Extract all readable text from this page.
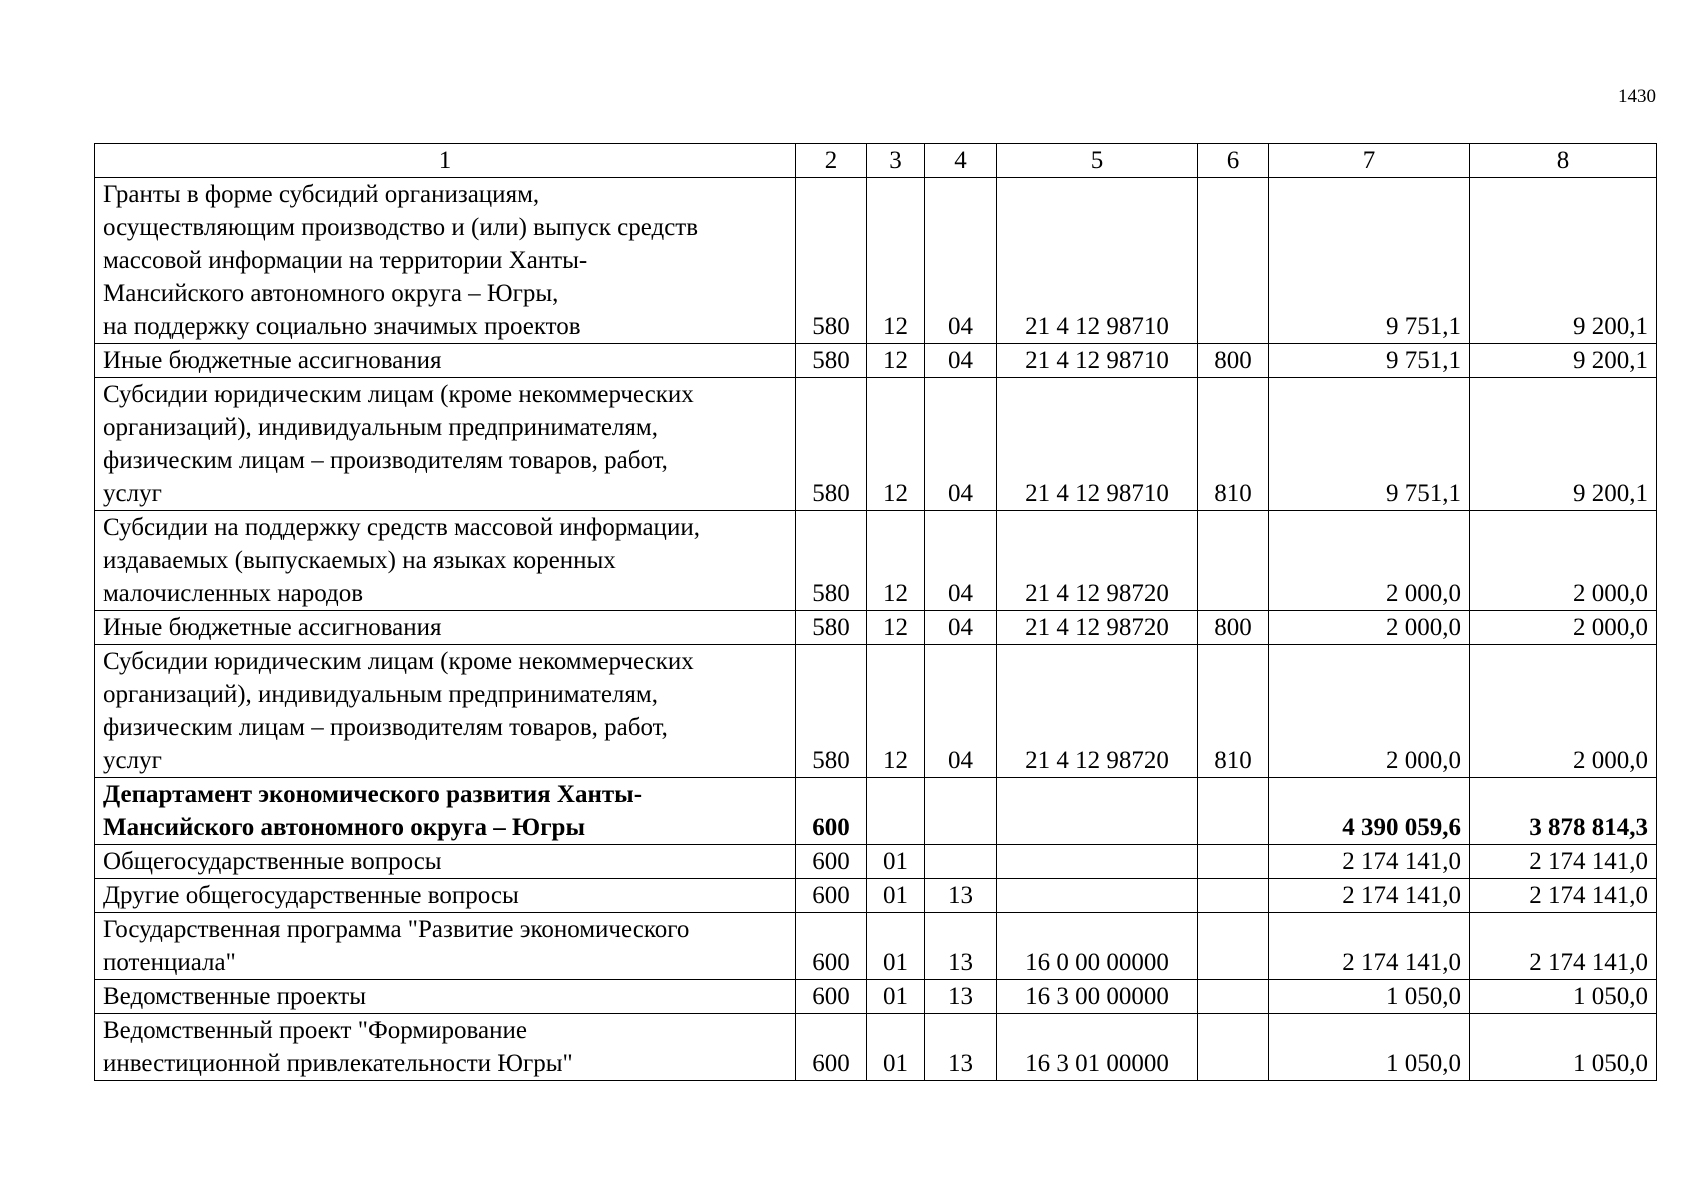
1430
1	2	3	4	5	6	7	8
Гранты в форме субсидий организациям,
осуществляющим производство и (или) выпуск средств
массовой информации на территории Ханты-
Мансийского автономного округа – Югры,
на поддержку социально значимых проектов	580	12	04	21 4 12 98710		9 751,1	9 200,1
Иные бюджетные ассигнования	580	12	04	21 4 12 98710	800	9 751,1	9 200,1
Субсидии юридическим лицам (кроме некоммерческих
организаций), индивидуальным предпринимателям,
физическим лицам – производителям товаров, работ,
услуг	580	12	04	21 4 12 98710	810	9 751,1	9 200,1
Субсидии на поддержку средств массовой информации,
издаваемых (выпускаемых) на языках коренных
малочисленных народов	580	12	04	21 4 12 98720		2 000,0	2 000,0
Иные бюджетные ассигнования	580	12	04	21 4 12 98720	800	2 000,0	2 000,0
Субсидии юридическим лицам (кроме некоммерческих
организаций), индивидуальным предпринимателям,
физическим лицам – производителям товаров, работ,
услуг	580	12	04	21 4 12 98720	810	2 000,0	2 000,0
Департамент экономического развития Ханты-
Мансийского автономного округа – Югры	600					4 390 059,6	3 878 814,3
Общегосударственные вопросы	600	01				2 174 141,0	2 174 141,0
Другие общегосударственные вопросы	600	01	13			2 174 141,0	2 174 141,0
Государственная программа "Развитие экономического
потенциала"	600	01	13	16 0 00 00000		2 174 141,0	2 174 141,0
Ведомственные проекты	600	01	13	16 3 00 00000		1 050,0	1 050,0
Ведомственный проект "Формирование
инвестиционной привлекательности Югры"	600	01	13	16 3 01 00000		1 050,0	1 050,0
